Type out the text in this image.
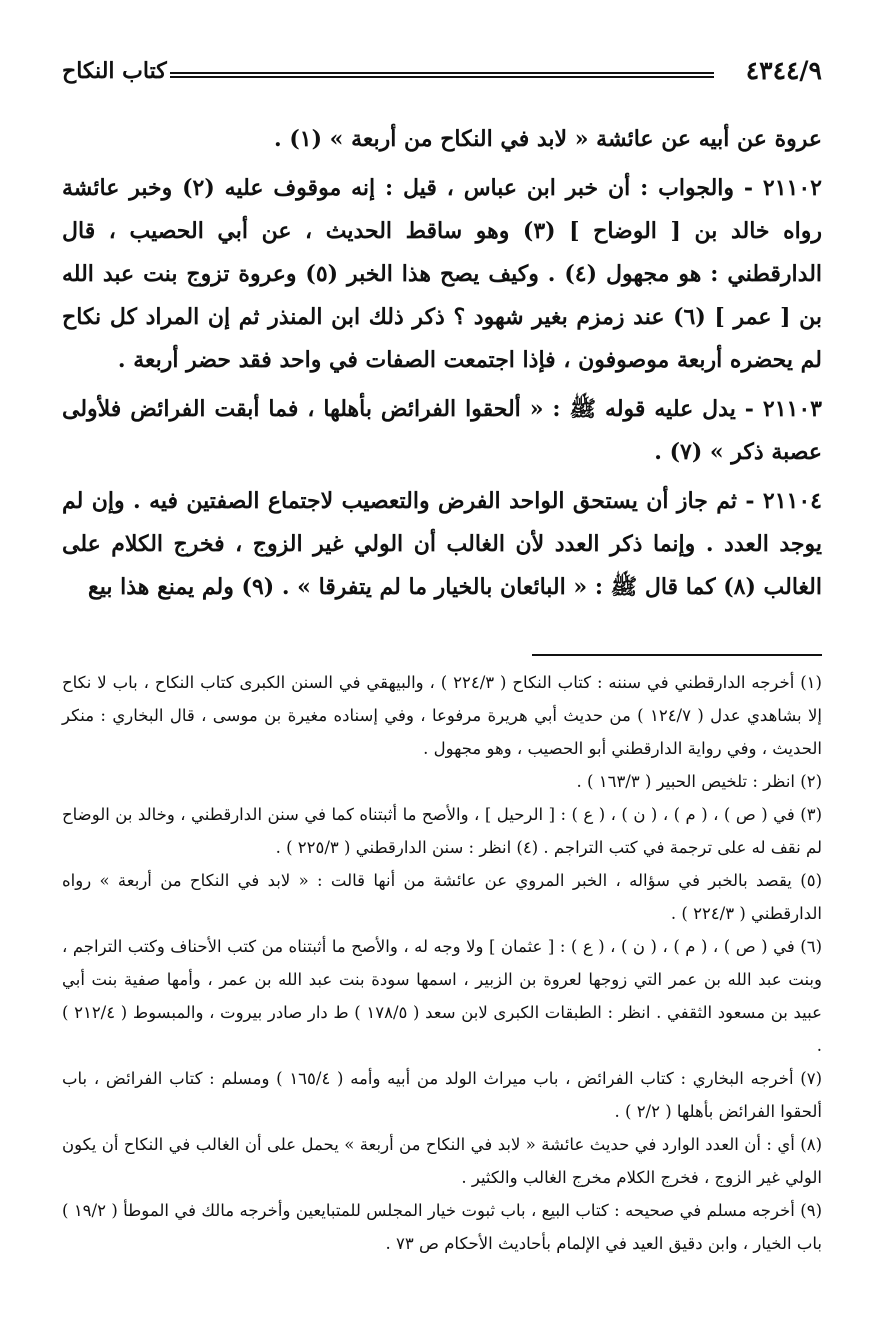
٤٣٤٤/٩
كتاب النكاح

عروة عن أبيه عن عائشة « لابد في النكاح من أربعة » (١) .

٢١١٠٢ - والجواب : أن خبر ابن عباس ، قيل : إنه موقوف عليه (٢) وخبر عائشة رواه خالد بن [ الوضاح ] (٣) وهو ساقط الحديث ، عن أبي الحصيب ، قال الدارقطني : هو مجهول (٤) . وكيف يصح هذا الخبر (٥) وعروة تزوج بنت عبد الله بن [ عمر ] (٦) عند زمزم بغير شهود ؟ ذكر ذلك ابن المنذر ثم إن المراد كل نكاح لم يحضره أربعة موصوفون ، فإذا اجتمعت الصفات في واحد فقد حضر أربعة .

٢١١٠٣ - يدل عليه قوله ﷺ : « ألحقوا الفرائض بأهلها ، فما أبقت الفرائض فلأولى عصبة ذكر » (٧) .

٢١١٠٤ - ثم جاز أن يستحق الواحد الفرض والتعصيب لاجتماع الصفتين فيه . وإن لم يوجد العدد . وإنما ذكر العدد لأن الغالب أن الولي غير الزوج ، فخرج الكلام على الغالب (٨) كما قال ﷺ : « البائعان بالخيار ما لم يتفرقا » . (٩) ولم يمنع هذا بيع

(١) أخرجه الدارقطني في سننه : كتاب النكاح ( ٢٢٤/٣ ) ، والبيهقي في السنن الكبرى كتاب النكاح ، باب لا نكاح إلا بشاهدي عدل ( ١٢٤/٧ ) من حديث أبي هريرة مرفوعا ، وفي إسناده مغيرة بن موسى ، قال البخاري : منكر الحديث ، وفي رواية الدارقطني أبو الحصيب ، وهو مجهول .

(٢) انظر : تلخيص الحبير ( ١٦٣/٣ ) .

(٣) في ( ص ) ، ( م ) ، ( ن ) ، ( ع ) : [ الرحيل ] ، والأصح ما أثبتناه كما في سنن الدارقطني ، وخالد بن الوضاح لم نقف له على ترجمة في كتب التراجم . (٤) انظر : سنن الدارقطني ( ٢٢٥/٣ ) .

(٥) يقصد بالخبر في سؤاله ، الخبر المروي عن عائشة من أنها قالت : « لابد في النكاح من أربعة » رواه الدارقطني ( ٢٢٤/٣ ) .

(٦) في ( ص ) ، ( م ) ، ( ن ) ، ( ع ) : [ عثمان ] ولا وجه له ، والأصح ما أثبتناه من كتب الأحناف وكتب التراجم ، وبنت عبد الله بن عمر التي زوجها لعروة بن الزبير ، اسمها سودة بنت عبد الله بن عمر ، وأمها صفية بنت أبي عبيد بن مسعود الثقفي . انظر : الطبقات الكبرى لابن سعد ( ١٧٨/٥ ) ط دار صادر بيروت ، والمبسوط ( ٢١٢/٤ ) .

(٧) أخرجه البخاري : كتاب الفرائض ، باب ميراث الولد من أبيه وأمه ( ١٦٥/٤ ) ومسلم : كتاب الفرائض ، باب ألحقوا الفرائض بأهلها ( ٢/٢ ) .

(٨) أي : أن العدد الوارد في حديث عائشة « لابد في النكاح من أربعة » يحمل على أن الغالب في النكاح أن يكون الولي غير الزوج ، فخرج الكلام مخرج الغالب والكثير .

(٩) أخرجه مسلم في صحيحه : كتاب البيع ، باب ثبوت خيار المجلس للمتبايعين وأخرجه مالك في الموطأ ( ١٩/٢ ) باب الخيار ، وابن دقيق العيد في الإلمام بأحاديث الأحكام ص ٧٣ .
